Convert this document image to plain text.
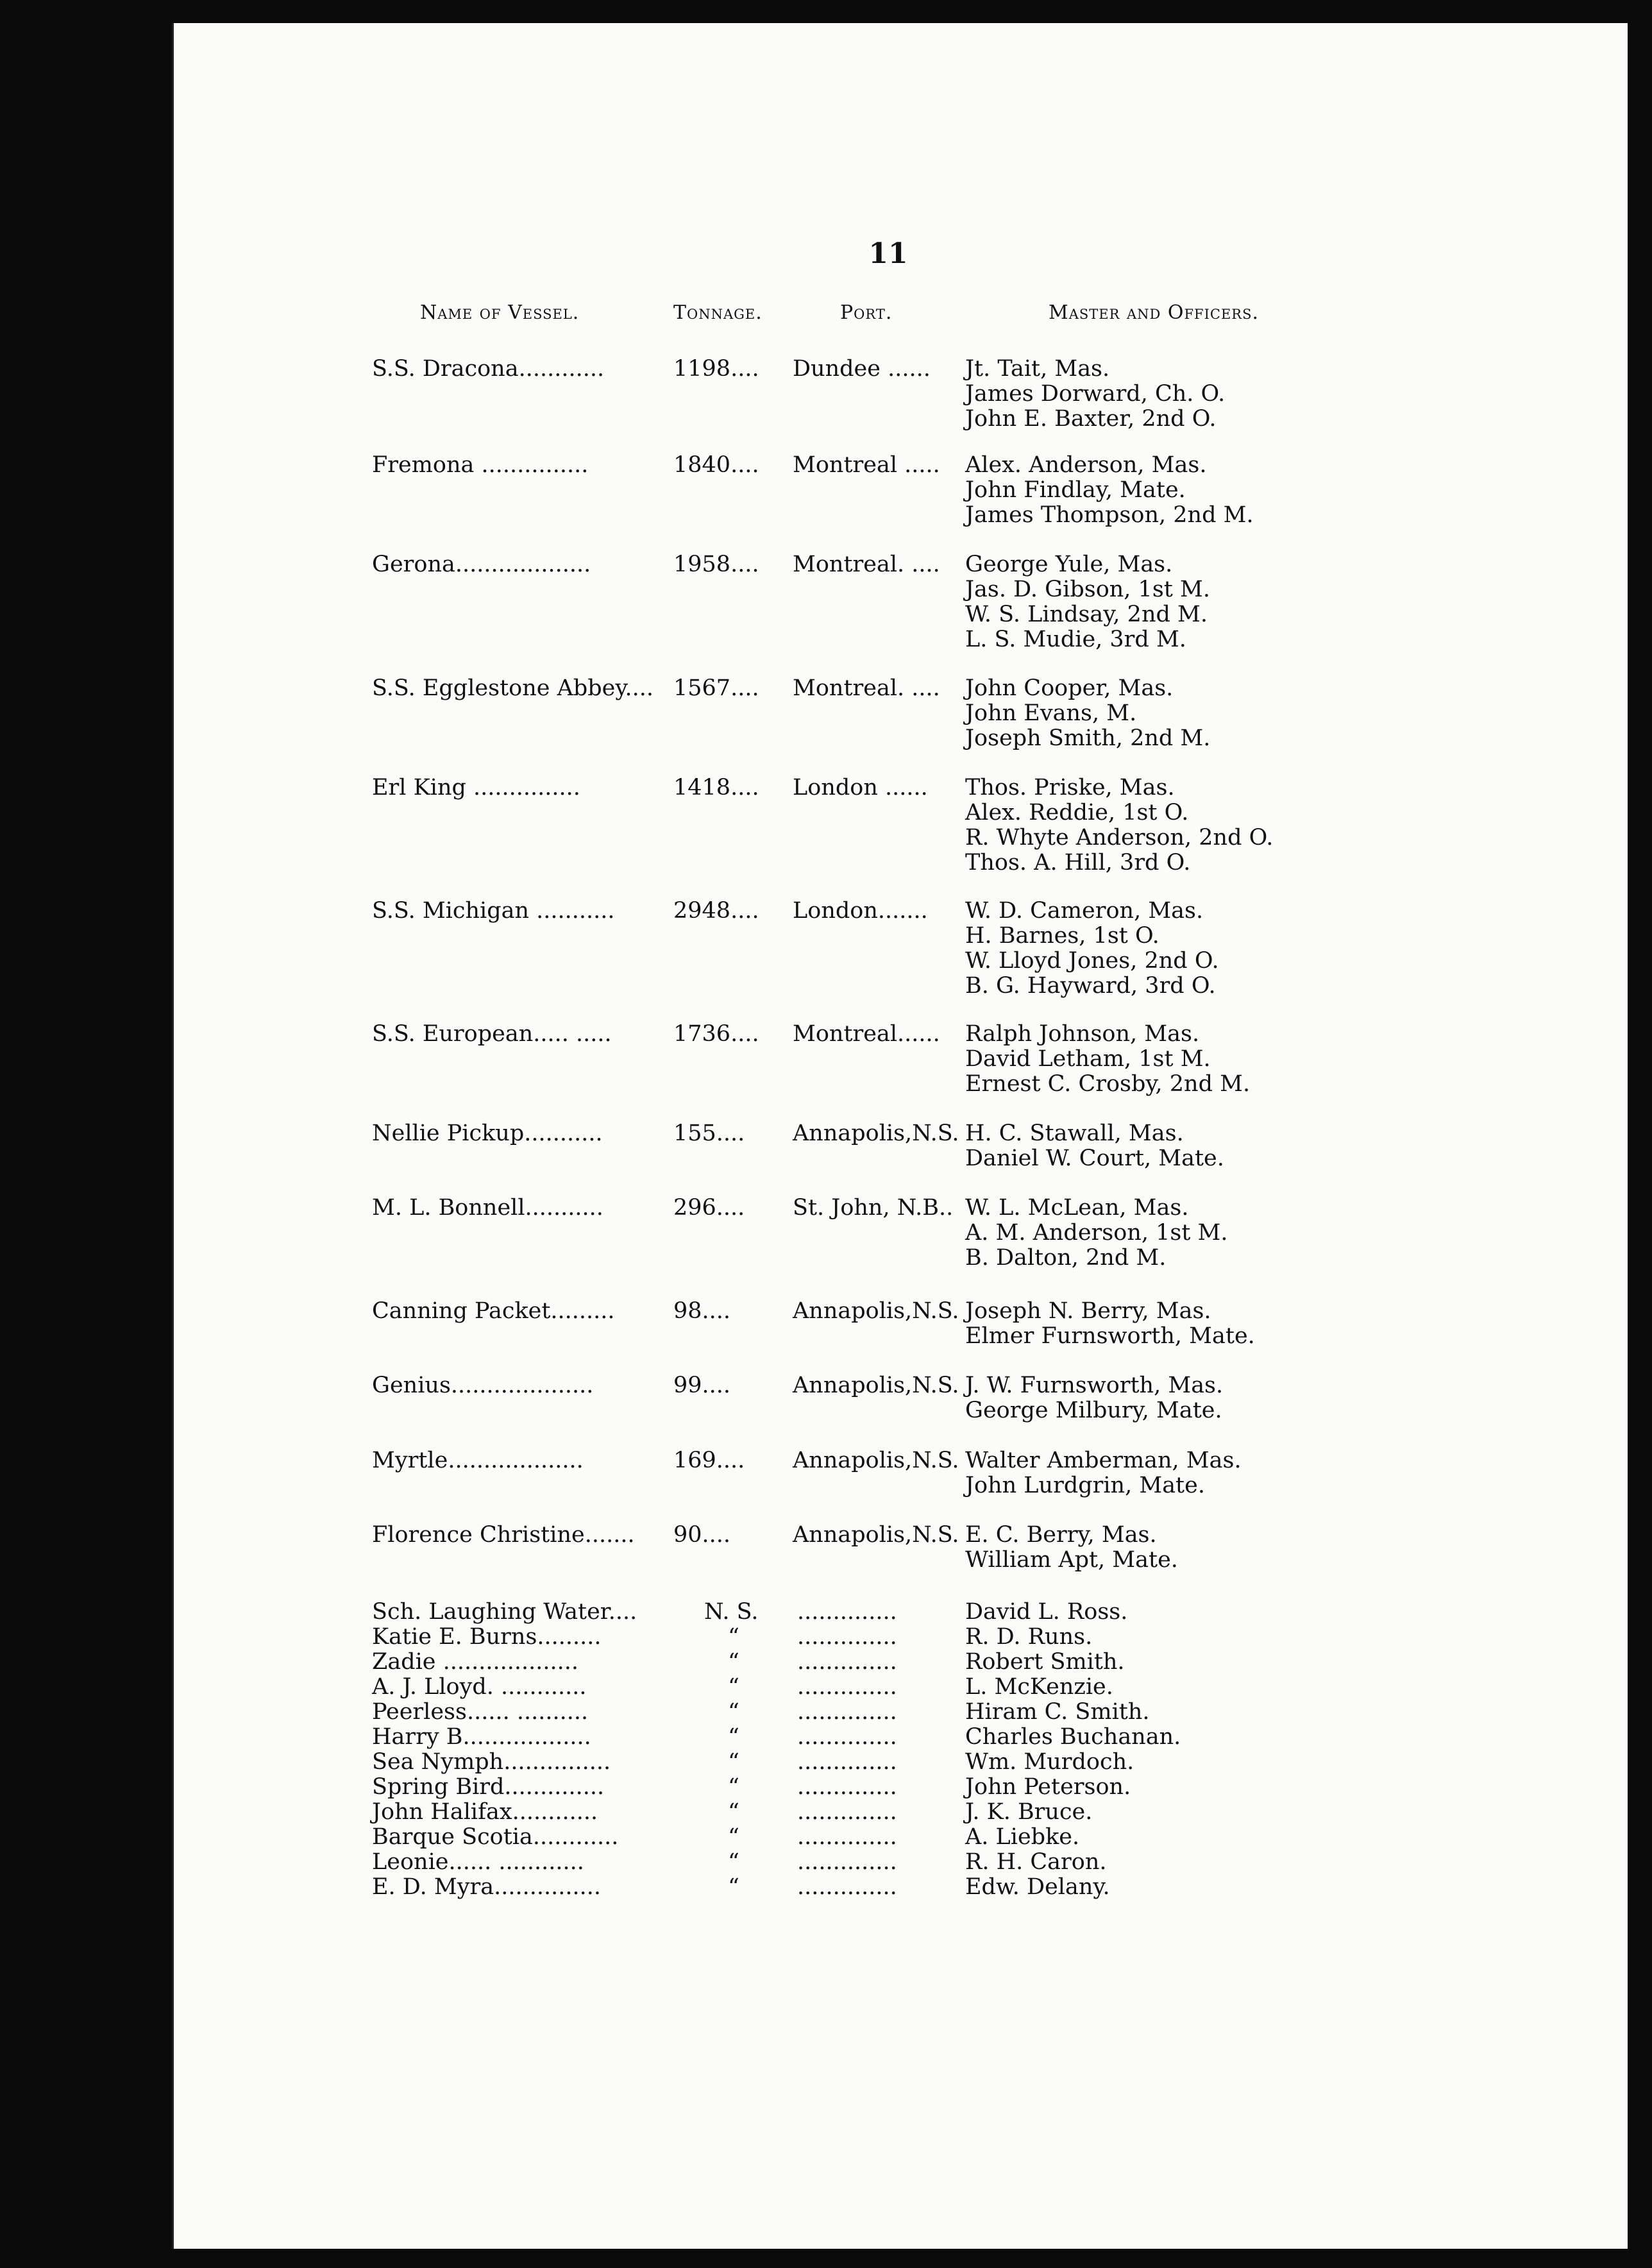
11
Name of Vessel.	Tonnage.	Port.	Master and Officers.
S.S. Dracona............	1198....	Dundee ......	Jt. Tait, Mas.
James Dorward, Ch. O.
John E. Baxter, 2nd O.
Fremona ...............	1840....	Montreal .....	Alex. Anderson, Mas.
John Findlay, Mate.
James Thompson, 2nd M.
Gerona...................	1958....	Montreal. ....	George Yule, Mas.
Jas. D. Gibson, 1st M.
W. S. Lindsay, 2nd M.
L. S. Mudie, 3rd M.
S.S. Egglestone Abbey.... 1567....	Montreal. ....	John Cooper, Mas.
John Evans, M.
Joseph Smith, 2nd M.
Erl King ...............	1418....	London ......	Thos. Priske, Mas.
Alex. Reddie, 1st O.
R. Whyte Anderson, 2nd O.
Thos. A. Hill, 3rd O.
S.S. Michigan ...........	2948....	London.......	W. D. Cameron, Mas.
H. Barnes, 1st O.
W. Lloyd Jones, 2nd O.
B. G. Hayward, 3rd O.
S.S. European..... .....	1736....	Montreal......	Ralph Johnson, Mas.
David Letham, 1st M.
Ernest C. Crosby, 2nd M.
Nellie Pickup...........	155....	Annapolis,N.S. H. C. Stawall, Mas.
Daniel W. Court, Mate.
M. L. Bonnell...........	296....	St. John, N.B.. W. L. McLean, Mas.
A. M. Anderson, 1st M.
B. Dalton, 2nd M.
Canning Packet.........	98....	Annapolis,N.S. Joseph N. Berry, Mas.
Elmer Furnsworth, Mate.
Genius....................	99....	Annapolis,N.S. J. W. Furnsworth, Mas.
George Milbury, Mate.
Myrtle...................	169....	Annapolis,N.S. Walter Amberman, Mas.
John Lurdgrin, Mate.
Florence Christine.......	90....	Annapolis,N.S. E. C. Berry, Mas.
William Apt, Mate.
Sch. Laughing Water....	N. S. ..............	David L. Ross.
Katie E. Burns.........	“	..............	R. D. Runs.
Zadie ...................	“	..............	Robert Smith.
A. J. Lloyd. ............	“	..............	L. McKenzie.
Peerless...... ..........	“	..............	Hiram C. Smith.
Harry B..................	“	..............	Charles Buchanan.
Sea Nymph...............	“	..............	Wm. Murdoch.
Spring Bird..............	“	..............	John Peterson.
John Halifax............	“	..............	J. K. Bruce.
Barque Scotia............	“	..............	A. Liebke.
Leonie...... ............	“	..............	R. H. Caron.
E. D. Myra...............	“	..............	Edw. Delany.
